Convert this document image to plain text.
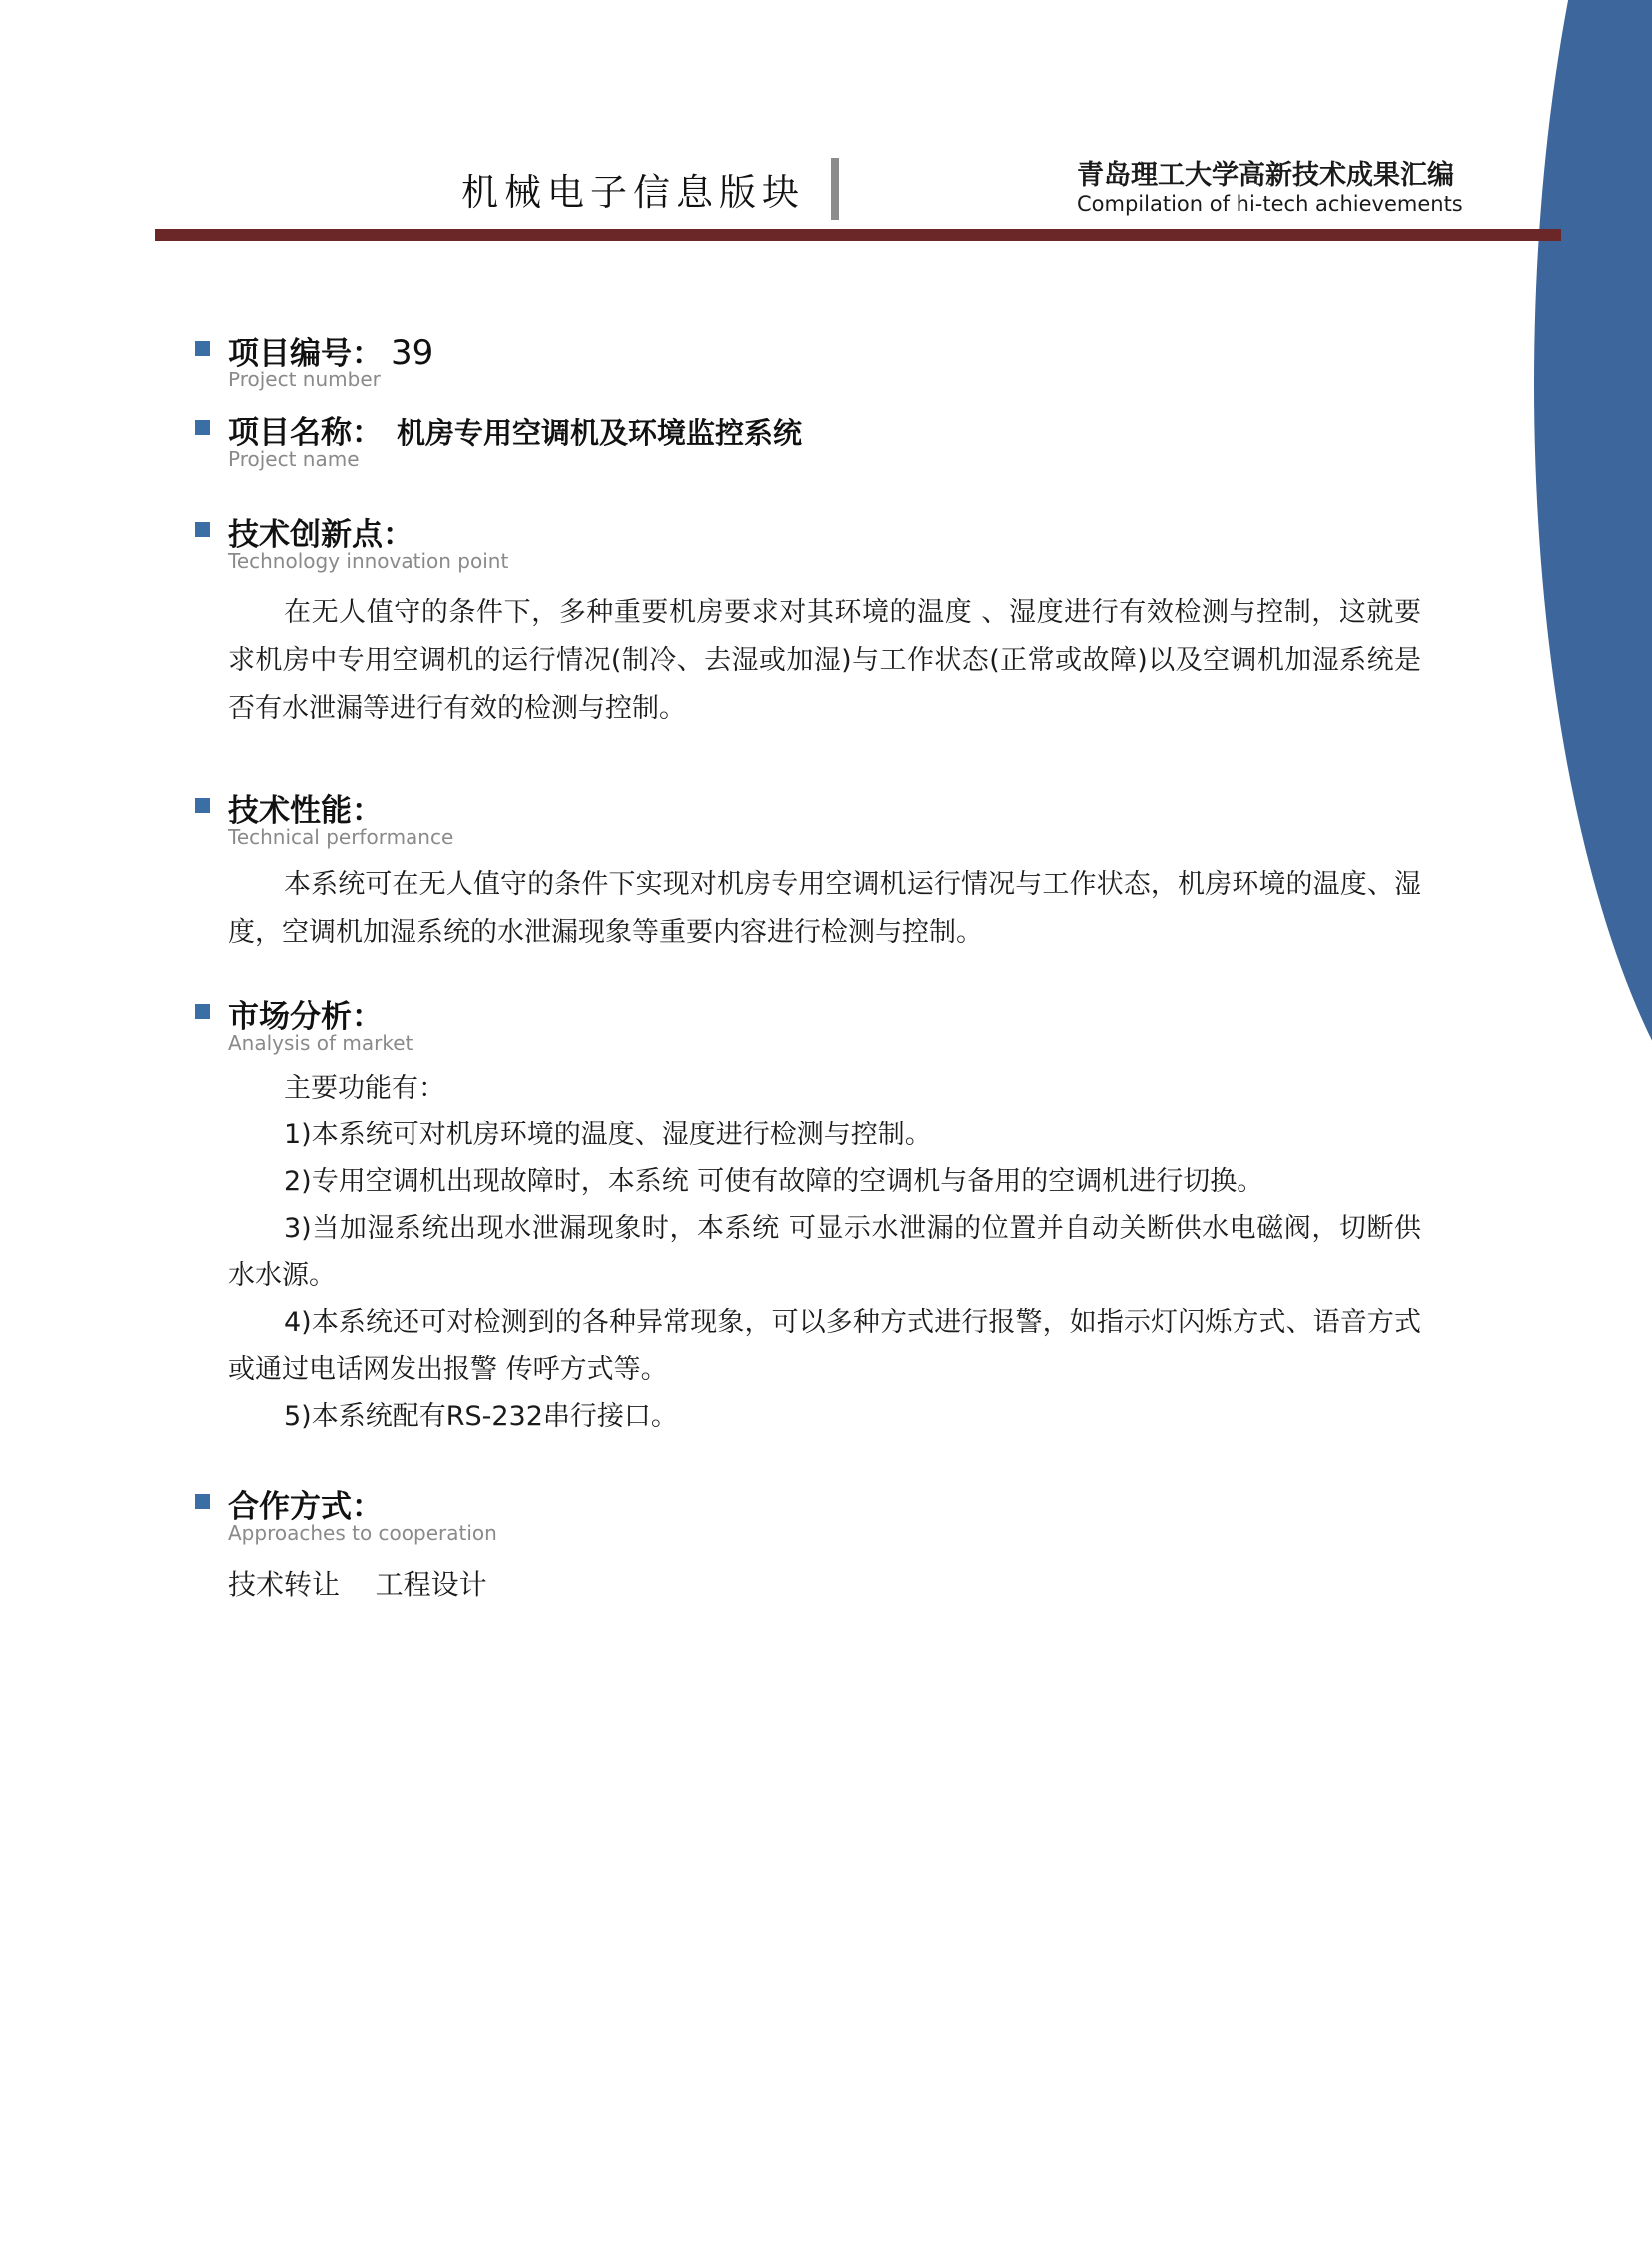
机械电子信息版块	青岛理工大学高新技术成果汇编
Compilation of hi-tech achievements
项目编号： 39
Project number
项目名称： 机房专用空调机及环境监控系统
Project name
技术创新点：
Technology innovation point
在无人值守的条件下，多种重要机房要求对其环境的温度 、湿度进行有效检测与控制，这就要求机房中专用空调机的运行情况(制冷、去湿或加湿)与工作状态(正常或故障)以及空调机加湿系统是否有水泄漏等进行有效的检测与控制。
技术性能：
Technical performance
本系统可在无人值守的条件下实现对机房专用空调机运行情况与工作状态，机房环境的温度、湿度，空调机加湿系统的水泄漏现象等重要内容进行检测与控制。
市场分析：
Analysis of market
主要功能有：
1)本系统可对机房环境的温度、湿度进行检测与控制。
2)专用空调机出现故障时，本系统 可使有故障的空调机与备用的空调机进行切换。
3)当加湿系统出现水泄漏现象时，本系统 可显示水泄漏的位置并自动关断供水电磁阀，切断供水水源。
4)本系统还可对检测到的各种异常现象，可以多种方式进行报警，如指示灯闪烁方式、语音方式或通过电话网发出报警 传呼方式等。
5)本系统配有RS-232串行接口。
合作方式：
Approaches to cooperation
技术转让    工程设计
